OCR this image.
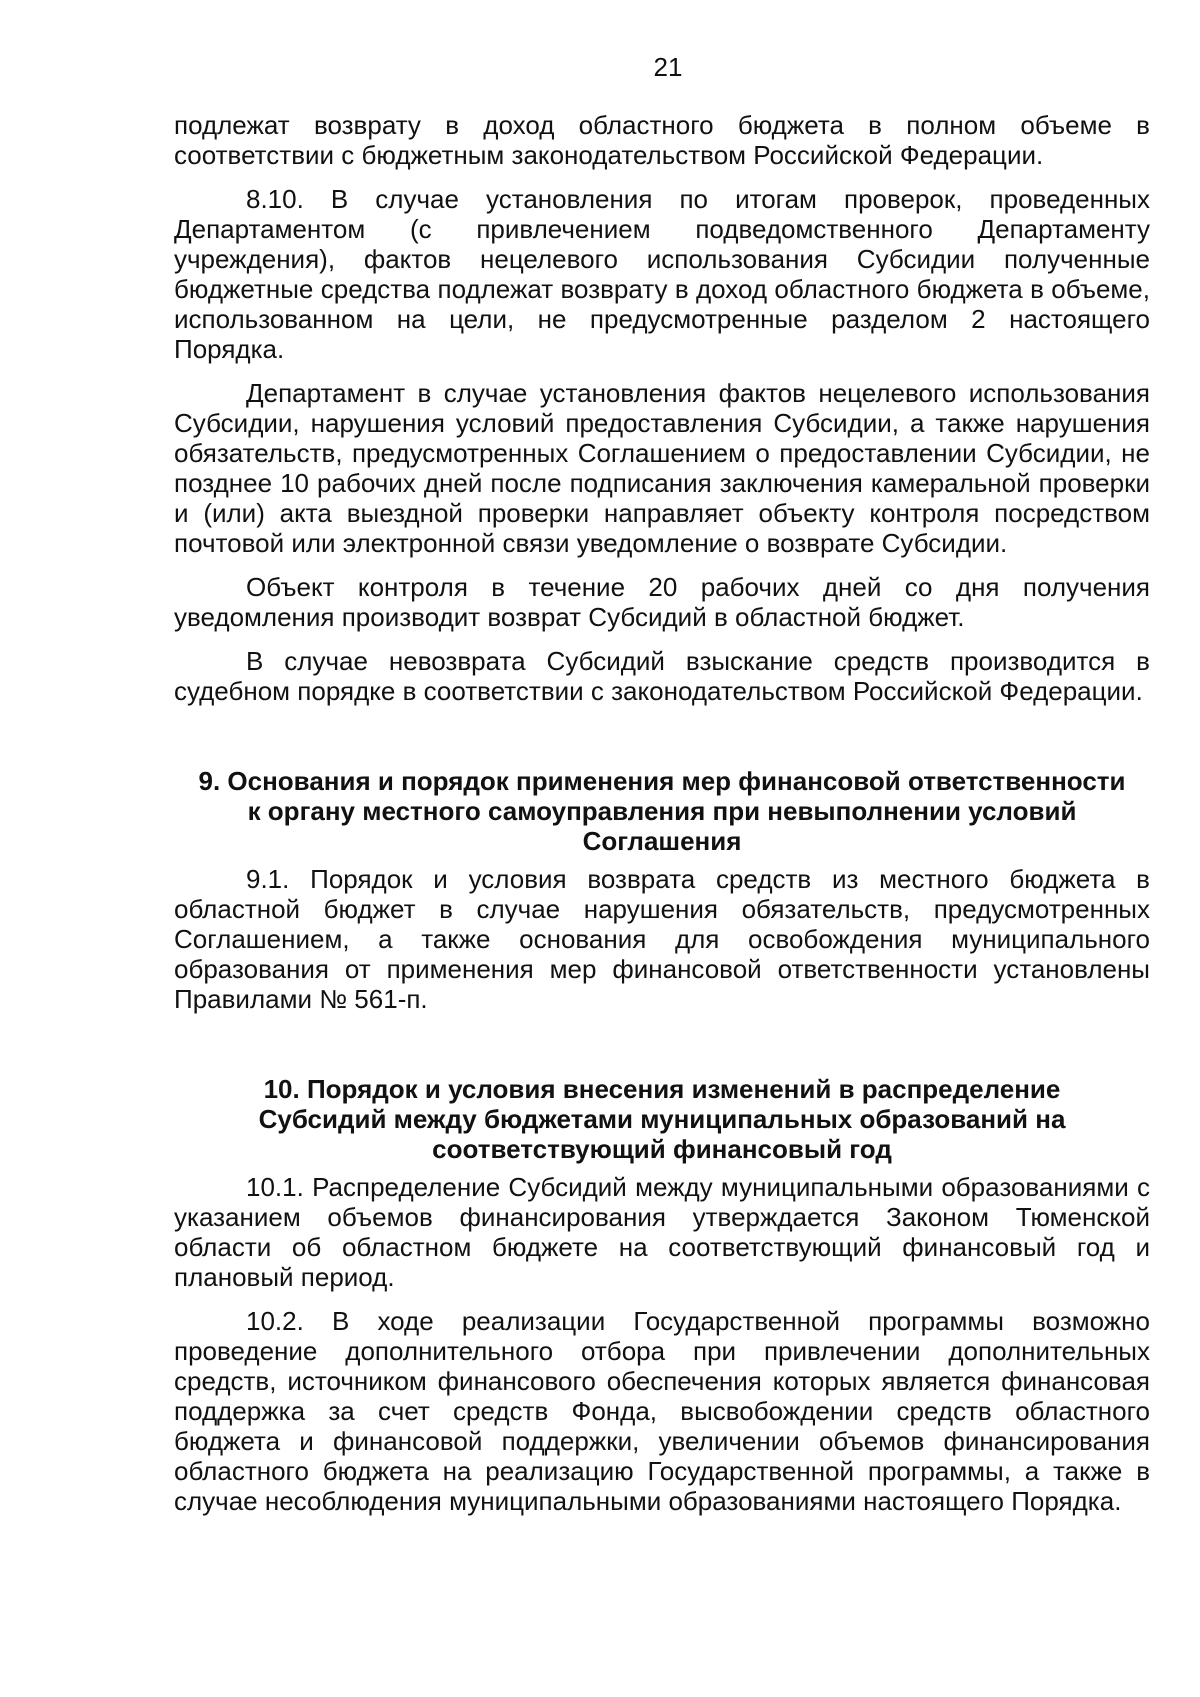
21

подлежат возврату в доход областного бюджета в полном объеме в соответствии с бюджетным законодательством Российской Федерации.

8.10. В случае установления по итогам проверок, проведенных Департаментом (с привлечением подведомственного Департаменту учреждения), фактов нецелевого использования Субсидии полученные бюджетные средства подлежат возврату в доход областного бюджета в объеме, использованном на цели, не предусмотренные разделом 2 настоящего Порядка.

Департамент в случае установления фактов нецелевого использования Субсидии, нарушения условий предоставления Субсидии, а также нарушения обязательств, предусмотренных Соглашением о предоставлении Субсидии, не позднее 10 рабочих дней после подписания заключения камеральной проверки и (или) акта выездной проверки направляет объекту контроля посредством почтовой или электронной связи уведомление о возврате Субсидии.

Объект контроля в течение 20 рабочих дней со дня получения уведомления производит возврат Субсидий в областной бюджет.

В случае невозврата Субсидий взыскание средств производится в судебном порядке в соответствии с законодательством Российской Федерации.

9. Основания и порядок применения мер финансовой ответственности
к органу местного самоуправления при невыполнении условий
Соглашения

9.1. Порядок и условия возврата средств из местного бюджета в областной бюджет в случае нарушения обязательств, предусмотренных Соглашением, а также основания для освобождения муниципального образования от применения мер финансовой ответственности установлены Правилами № 561-п.

10. Порядок и условия внесения изменений в распределение
Субсидий между бюджетами муниципальных образований на
соответствующий финансовый год

10.1. Распределение Субсидий между муниципальными образованиями с указанием объемов финансирования утверждается Законом Тюменской области об областном бюджете на соответствующий финансовый год и плановый период.

10.2. В ходе реализации Государственной программы возможно проведение дополнительного отбора при привлечении дополнительных средств, источником финансового обеспечения которых является финансовая поддержка за счет средств Фонда, высвобождении средств областного бюджета и финансовой поддержки, увеличении объемов финансирования областного бюджета на реализацию Государственной программы, а также в случае несоблюдения муниципальными образованиями настоящего Порядка.
